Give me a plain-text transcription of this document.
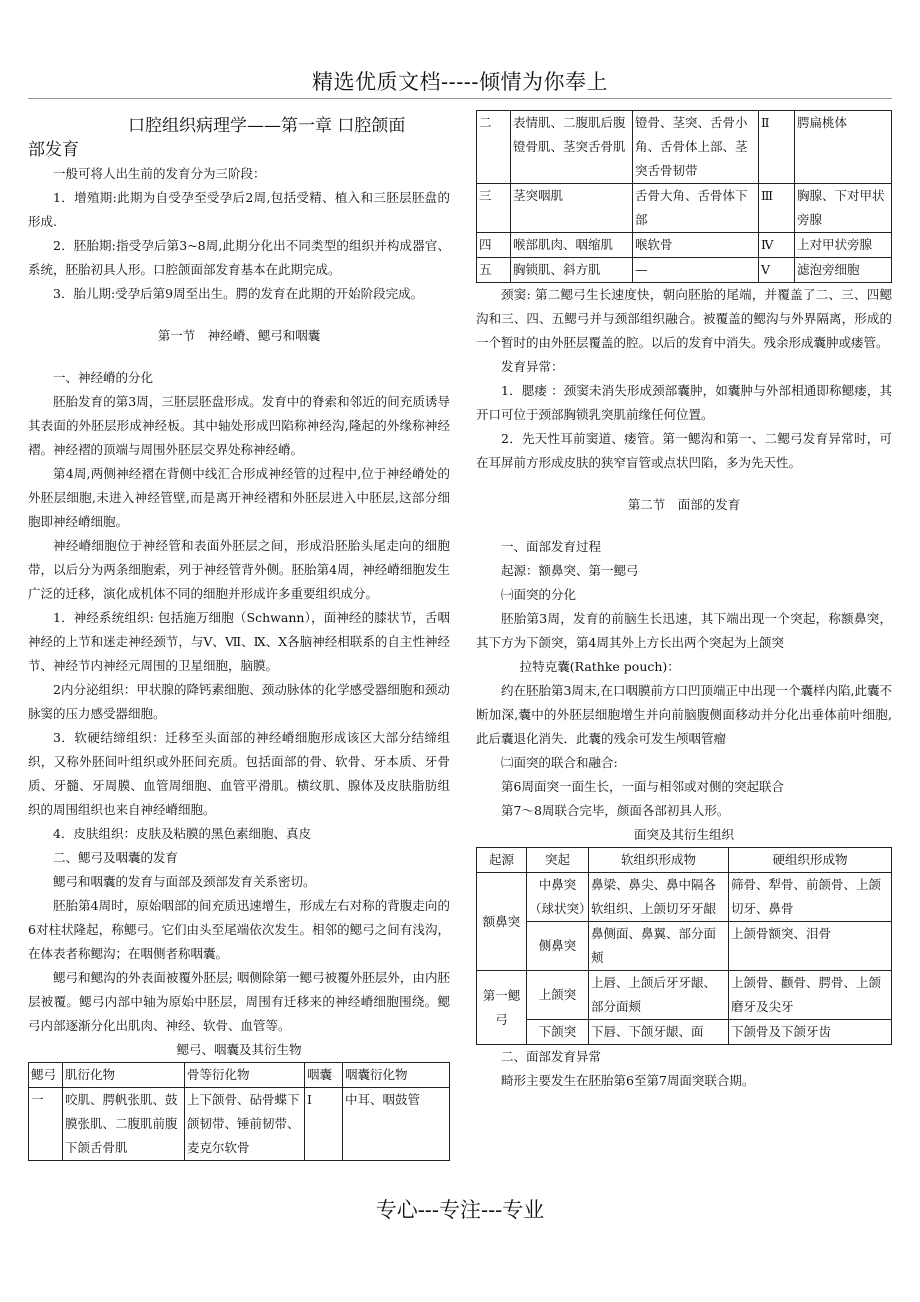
精选优质文档-----倾情为你奉上
口腔组织病理学——第一章 口腔颌面
部发育

一般可将人出生前的发育分为三阶段：

1．增殖期:此期为自受孕至受孕后2周,包括受精、植入和三胚层胚盘的形成.

2．胚胎期:指受孕后第3~8周,此期分化出不同类型的组织并构成器官、系统，胚胎初具人形。口腔颌面部发育基本在此期完成。

3．胎儿期:受孕后第9周至出生。腭的发育在此期的开始阶段完成。

第一节　神经嵴、鳃弓和咽囊

一、神经嵴的分化

胚胎发育的第3周，三胚层胚盘形成。发育中的脊索和邻近的间充质诱导其表面的外胚层形成神经板。其中轴处形成凹陷称神经沟,隆起的外缘称神经褶。神经褶的顶端与周围外胚层交界处称神经嵴。

第4周,两侧神经褶在背侧中线汇合形成神经管的过程中,位于神经嵴处的外胚层细胞,未进入神经管壁,而是离开神经褶和外胚层进入中胚层,这部分细胞即神经嵴细胞。

神经嵴细胞位于神经管和表面外胚层之间，形成沿胚胎头尾走向的细胞带，以后分为两条细胞索，列于神经管背外侧。胚胎第4周，神经嵴细胞发生广泛的迁移，演化成机体不同的细胞并形成许多重要组织成分。

1．神经系统组织: 包括施万细胞（Schwann），面神经的膝状节，舌咽神经的上节和迷走神经颈节，与Ⅴ、Ⅶ、Ⅸ、Ⅹ各脑神经相联系的自主性神经节、神经节内神经元周围的卫星细胞，脑膜。

2内分泌组织：甲状腺的降钙素细胞、颈动脉体的化学感受器细胞和颈动脉窦的压力感受器细胞。

3．软硬结缔组织：迁移至头面部的神经嵴细胞形成该区大部分结缔组织，又称外胚间叶组织或外胚间充质。包括面部的骨、软骨、牙本质、牙骨质、牙髓、牙周膜、血管周细胞、血管平滑肌。横纹肌、腺体及皮肤脂肪组织的周围组织也来自神经嵴细胞。

4．皮肤组织：皮肤及粘膜的黑色素细胞、真皮

二、鳃弓及咽囊的发育

鳃弓和咽囊的发育与面部及颈部发育关系密切。

胚胎第4周时，原始咽部的间充质迅速增生，形成左右对称的背腹走向的6对柱状隆起，称鳃弓。它们由头至尾端依次发生。相邻的鳃弓之间有浅沟，在体表者称鳃沟；在咽侧者称咽囊。

鳃弓和鳃沟的外表面被覆外胚层; 咽侧除第一鳃弓被覆外胚层外，由内胚层被覆。鳃弓内部中轴为原始中胚层，周围有迁移来的神经嵴细胞围绕。鳃弓内部逐渐分化出肌肉、神经、软骨、血管等。

鳃弓、咽囊及其衍生物

鳃弓	肌衍化物	骨等衍化物	咽囊	咽囊衍化物
一	咬肌、腭帆张肌、鼓膜张肌、二腹肌前腹下颌舌骨肌	上下颌骨、砧骨蝶下颌韧带、锤前韧带、麦克尔软骨	Ⅰ	中耳、咽鼓管
二	表情肌、二腹肌后腹镫骨肌、茎突舌骨肌	镫骨、茎突、舌骨小角、舌骨体上部、茎突舌骨韧带	Ⅱ	腭扁桃体
三	茎突咽肌	舌骨大角、舌骨体下部	Ⅲ	胸腺、下对甲状旁腺
四	喉部肌肉、咽缩肌	喉软骨	Ⅳ	上对甲状旁腺
五	胸锁肌、斜方肌	—	Ⅴ	滤泡旁细胞

颈窦: 第二鳃弓生长速度快，朝向胚胎的尾端，并覆盖了二、三、四鳃沟和三、四、五鳃弓并与颈部组织融合。被覆盖的鳃沟与外界隔离，形成的一个暂时的由外胚层覆盖的腔。以后的发育中消失。残余形成囊肿或瘘管。

发育异常：

1．腮瘘 ：颈窦未消失形成颈部囊肿，如囊肿与外部相通即称鳃瘘，其开口可位于颈部胸锁乳突肌前缘任何位置。

2．先天性耳前窦道、瘘管。第一鳃沟和第一、二鳃弓发育异常时，可在耳屏前方形成皮肤的狭窄盲管或点状凹陷，多为先天性。

第二节　面部的发育

一、面部发育过程

起源：额鼻突、第一鳃弓

㈠面突的分化

胚胎第3周，发育的前脑生长迅速，其下端出现一个突起，称额鼻突，其下方为下颌突，第4周其外上方长出两个突起为上颌突

拉特克囊(Rathke pouch)：

约在胚胎第3周末,在口咽膜前方口凹顶端正中出现一个囊样内陷,此囊不断加深,囊中的外胚层细胞增生并向前脑腹侧面移动并分化出垂体前叶细胞,此后囊退化消失．此囊的残余可发生颅咽管瘤

㈡面突的联合和融合:

第6周面突一面生长，一面与相邻或对侧的突起联合

第7～8周联合完毕，颜面各部初具人形。

面突及其衍生组织

起源	突起	软组织形成物	硬组织形成物
额鼻突	中鼻突（球状突）	鼻梁、鼻尖、鼻中隔各软组织、上颌切牙牙龈	筛骨、犁骨、前颌骨、上颌切牙、鼻骨
	侧鼻突	鼻侧面、鼻翼、部分面颊	上颌骨额突、泪骨
第一鳃弓	上颌突	上唇、上颌后牙牙龈、部分面颊	上颌骨、颧骨、腭骨、上颌磨牙及尖牙
	下颌突	下唇、下颌牙龈、面	下颌骨及下颌牙齿

二、面部发育异常

畸形主要发生在胚胎第6至第7周面突联合期。

专心---专注---专业
